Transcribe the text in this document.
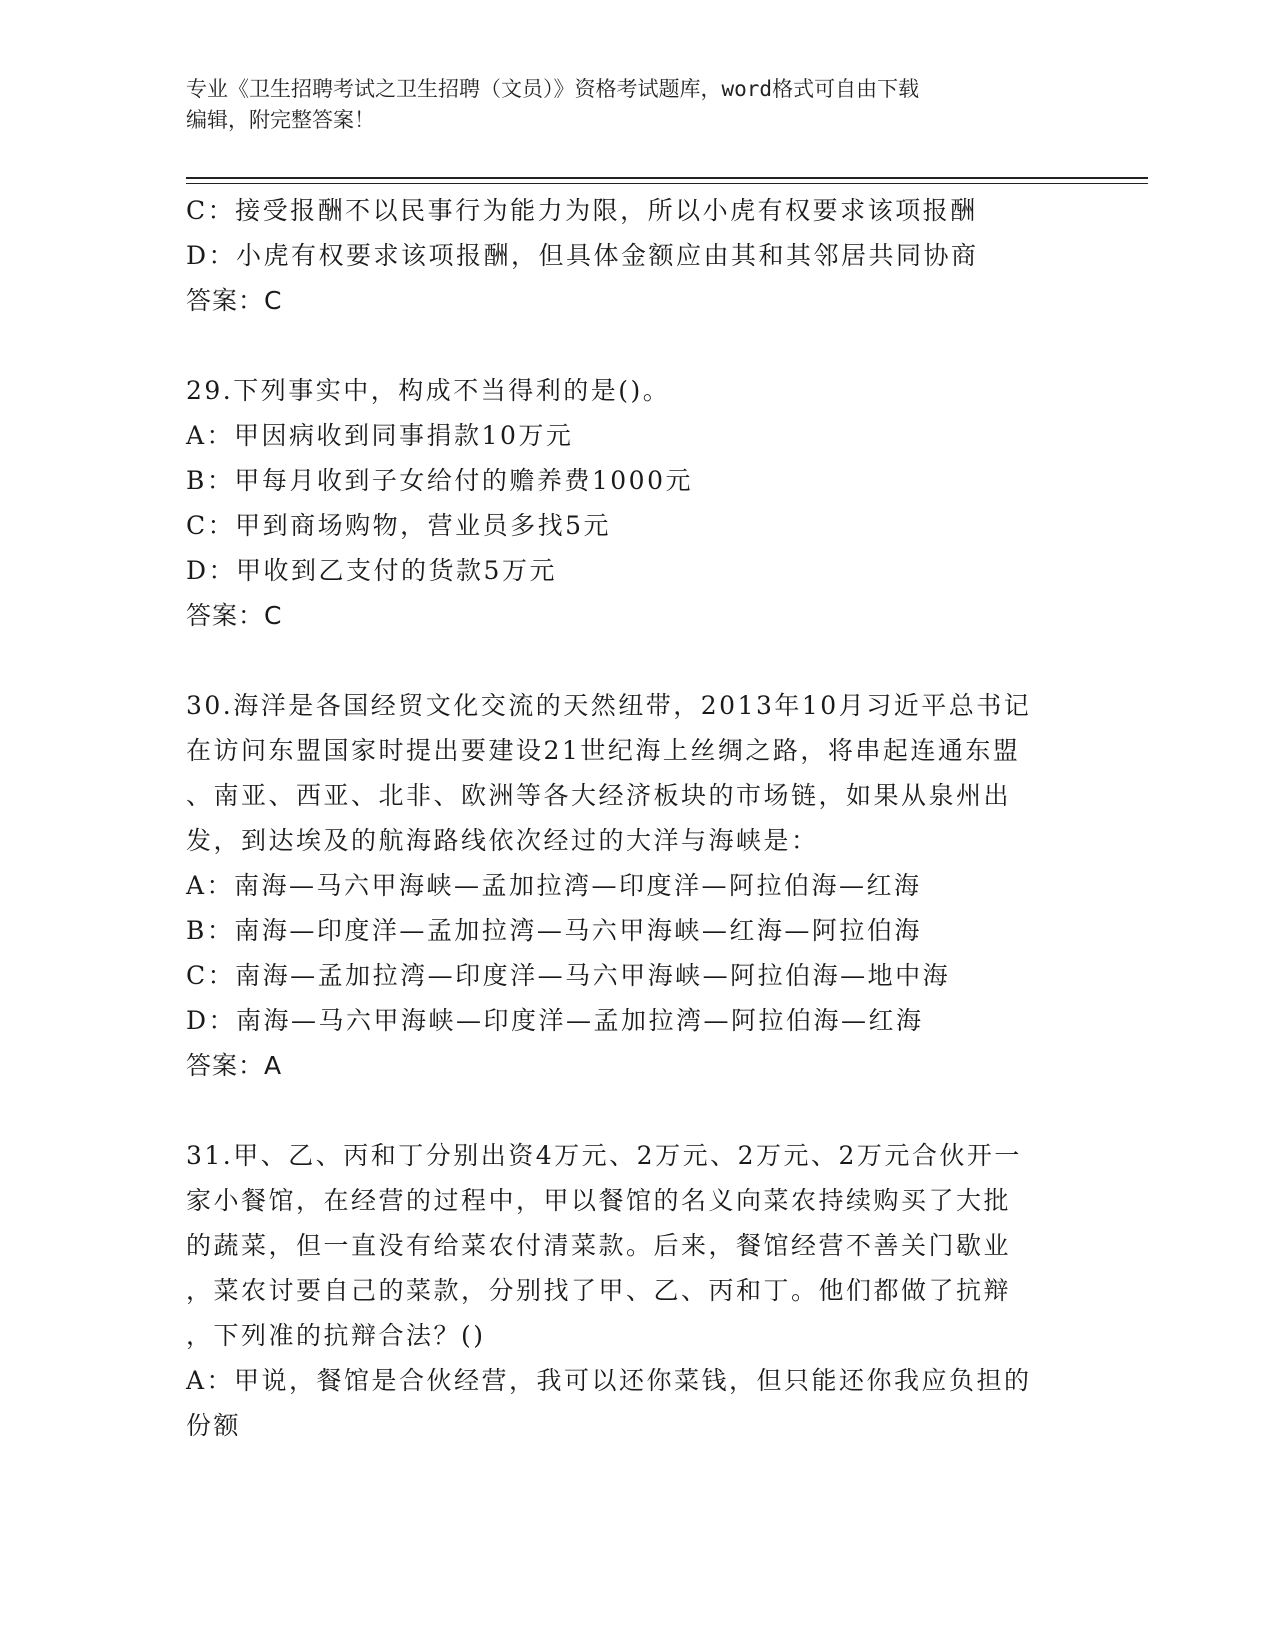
专业《卫生招聘考试之卫生招聘（文员）》资格考试题库，word格式可自由下载
编辑，附完整答案！
C：接受报酬不以民事行为能力为限，所以小虎有权要求该项报酬
D：小虎有权要求该项报酬，但具体金额应由其和其邻居共同协商
答案：C
29.下列事实中，构成不当得利的是()。
A：甲因病收到同事捐款10万元
B：甲每月收到子女给付的赡养费1000元
C：甲到商场购物，营业员多找5元
D：甲收到乙支付的货款5万元
答案：C
30.海洋是各国经贸文化交流的天然纽带，2013年10月习近平总书记
在访问东盟国家时提出要建设21世纪海上丝绸之路，将串起连通东盟
、南亚、西亚、北非、欧洲等各大经济板块的市场链，如果从泉州出
发，到达埃及的航海路线依次经过的大洋与海峡是：
A：南海—马六甲海峡—孟加拉湾—印度洋—阿拉伯海—红海
B：南海—印度洋—孟加拉湾—马六甲海峡—红海—阿拉伯海
C：南海—孟加拉湾—印度洋—马六甲海峡—阿拉伯海—地中海
D：南海—马六甲海峡—印度洋—孟加拉湾—阿拉伯海—红海
答案：A
31.甲、乙、丙和丁分别出资4万元、2万元、2万元、2万元合伙开一
家小餐馆，在经营的过程中，甲以餐馆的名义向菜农持续购买了大批
的蔬菜，但一直没有给菜农付清菜款。后来，餐馆经营不善关门歇业
，菜农讨要自己的菜款，分别找了甲、乙、丙和丁。他们都做了抗辩
，下列准的抗辩合法？()
A：甲说，餐馆是合伙经营，我可以还你菜钱，但只能还你我应负担的
份额
